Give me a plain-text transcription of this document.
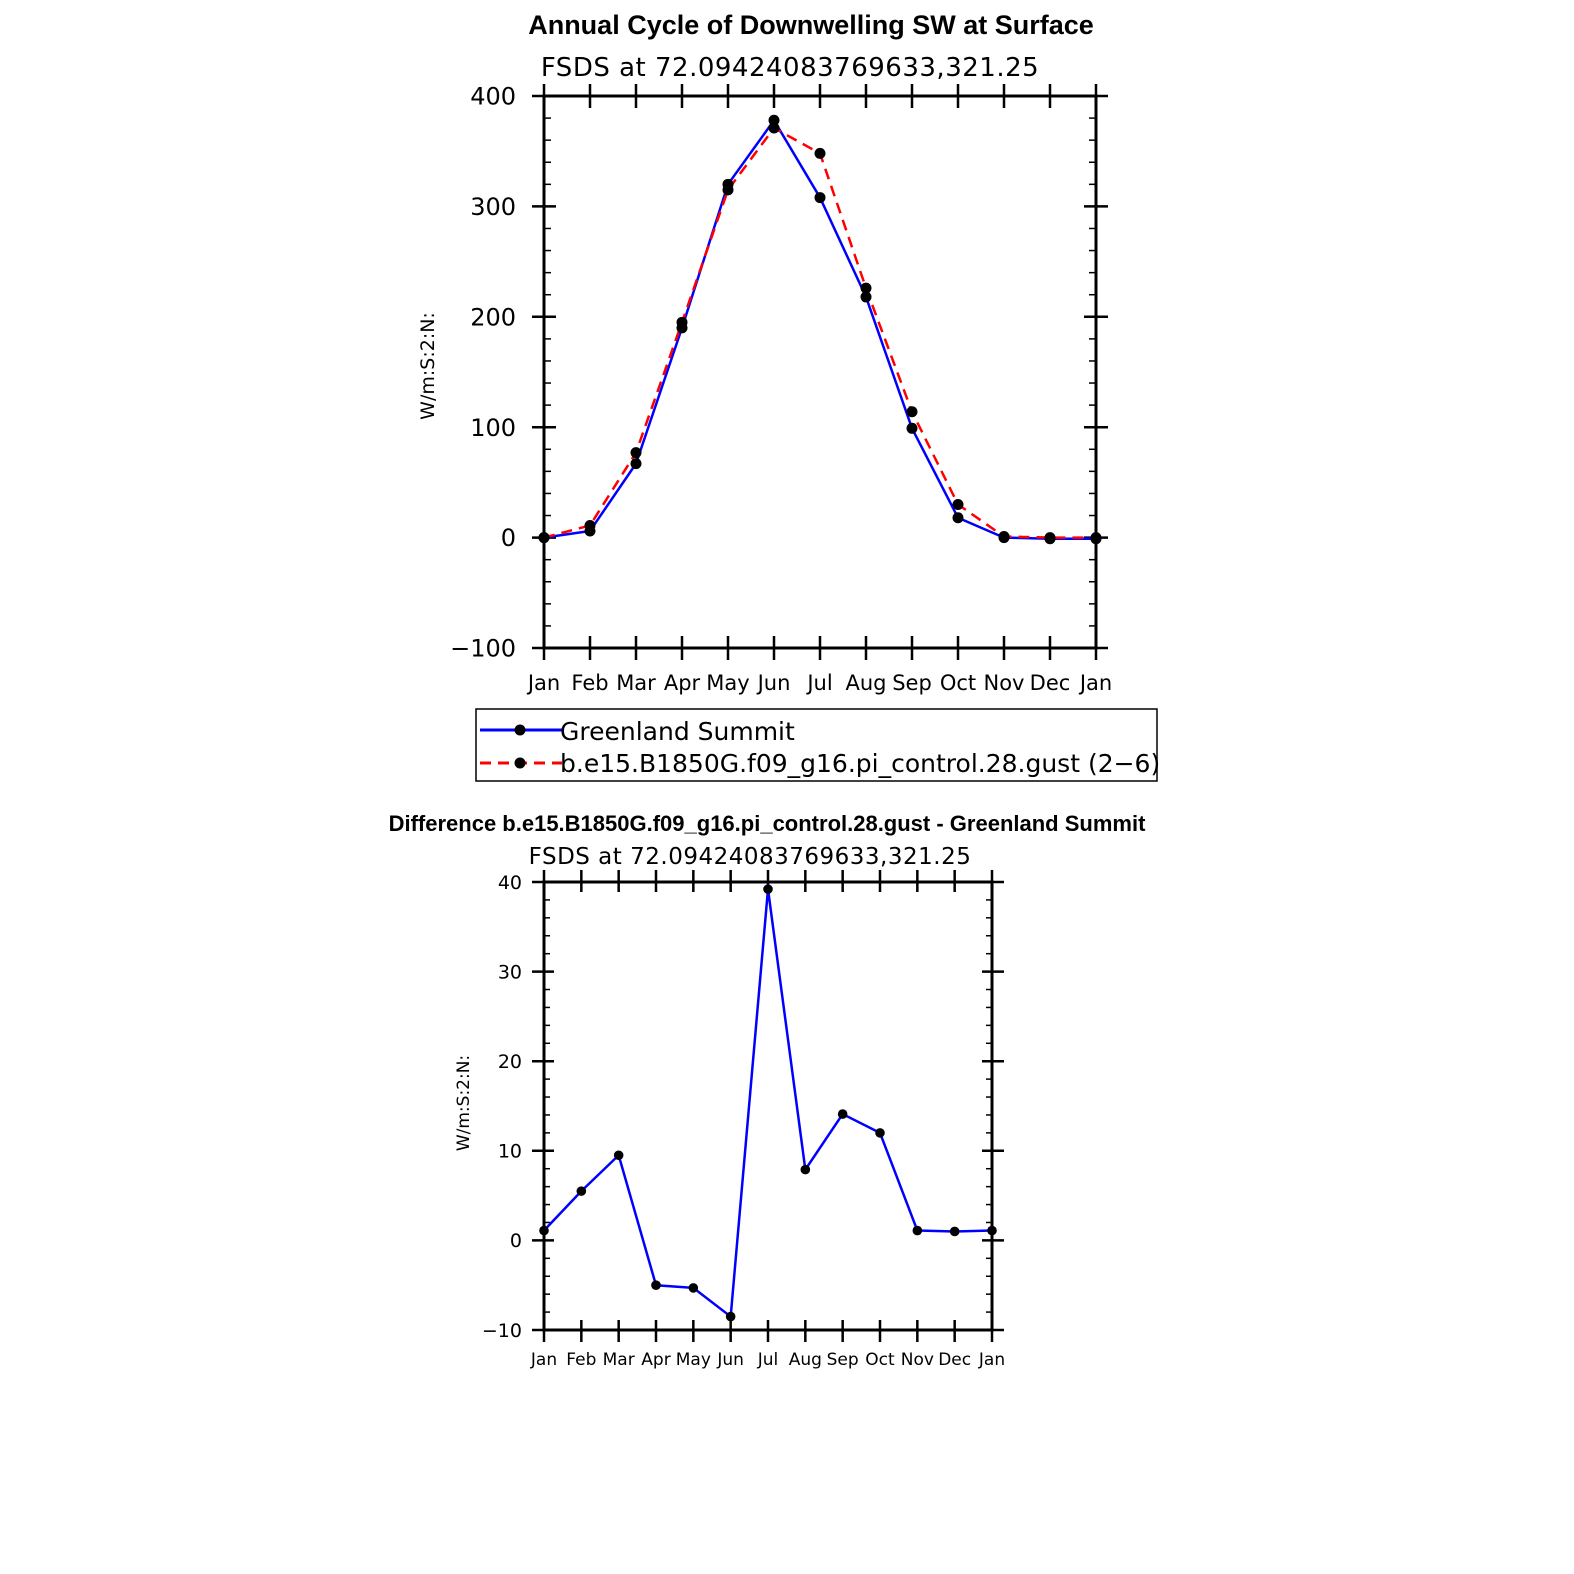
Annual Cycle of Downwelling SW at Surface
FSDS at 72.09424083769633,321.25
W/m:S:2:N:
−100
0
100
200
300
400
Jan Feb Mar Apr May Jun Jul Aug Sep Oct Nov Dec Jan
Greenland Summit
b.e15.B1850G.f09_g16.pi_control.28.gust (2−6)
Difference b.e15.B1850G.f09_g16.pi_control.28.gust - Greenland Summit
FSDS at 72.09424083769633,321.25
W/m:S:2:N:
−10
0
10
20
30
40
Jan Feb Mar Apr May Jun Jul Aug Sep Oct Nov Dec Jan
